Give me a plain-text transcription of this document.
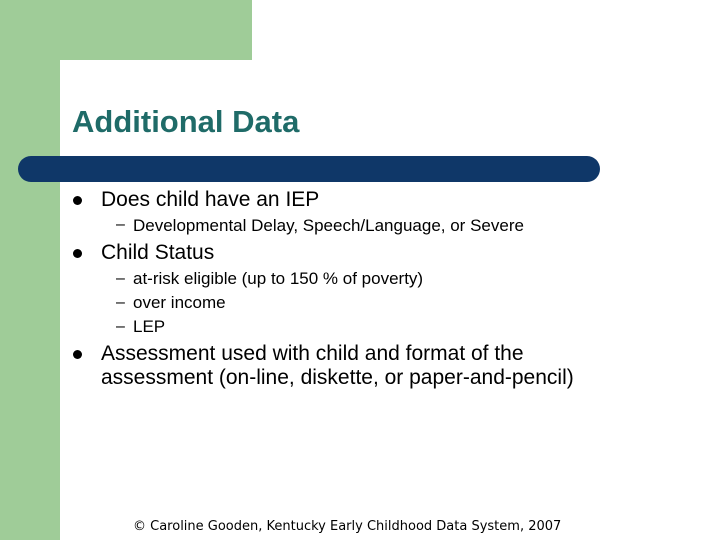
Additional Data
Does child have an IEP
– Developmental Delay, Speech/Language, or Severe
Child Status
– at-risk eligible (up to 150 % of poverty)
– over income
– LEP
Assessment used with child and format of the
assessment (on-line, diskette, or paper-and-pencil)
© Caroline Gooden, Kentucky Early Childhood Data System, 2007
